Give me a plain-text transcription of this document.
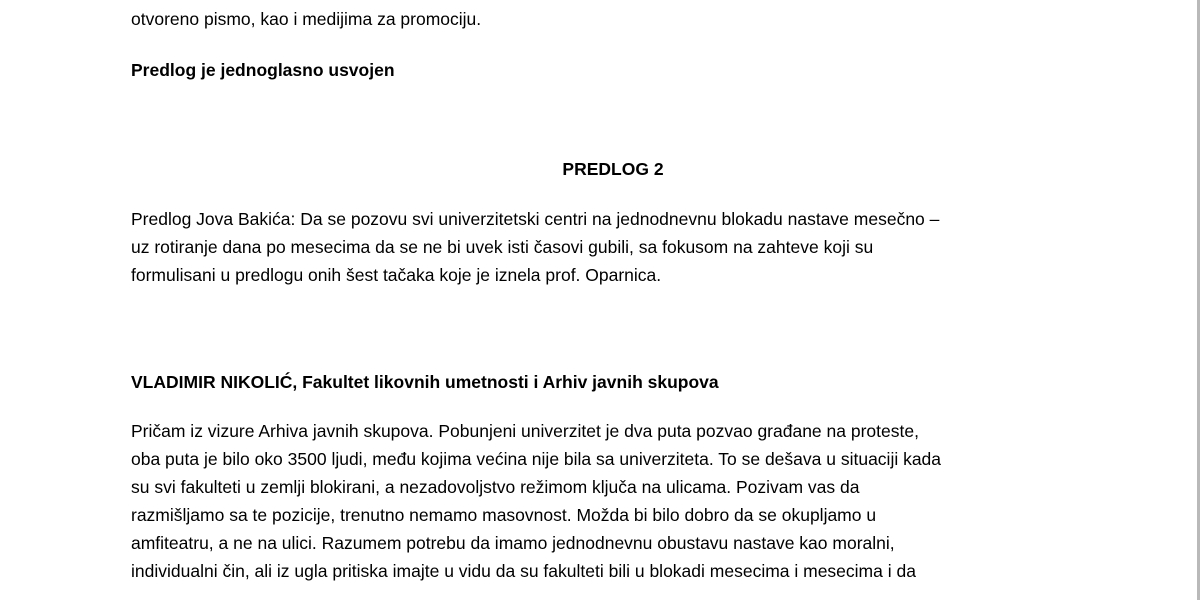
otvoreno pismo, kao i medijima za promociju.
Predlog je jednoglasno usvojen
PREDLOG 2
Predlog Jova Bakića: Da se pozovu svi univerzitetski centri na jednodnevnu blokadu nastave mesečno –
uz rotiranje dana po mesecima da se ne bi uvek isti časovi gubili, sa fokusom na zahteve koji su
formulisani u predlogu onih šest tačaka koje je iznela prof. Oparnica.
VLADIMIR NIKOLIĆ, Fakultet likovnih umetnosti i Arhiv javnih skupova
Pričam iz vizure Arhiva javnih skupova. Pobunjeni univerzitet je dva puta pozvao građane na proteste,
oba puta je bilo oko 3500 ljudi, među kojima većina nije bila sa univerziteta. To se dešava u situaciji kada
su svi fakulteti u zemlji blokirani, a nezadovoljstvo režimom ključa na ulicama. Pozivam vas da
razmišljamo sa te pozicije, trenutno nemamo masovnost. Možda bi bilo dobro da se okupljamo u
amfiteatru, a ne na ulici. Razumem potrebu da imamo jednodnevnu obustavu nastave kao moralni,
individualni čin, ali iz ugla pritiska imajte u vidu da su fakulteti bili u blokadi mesecima i mesecima i da
